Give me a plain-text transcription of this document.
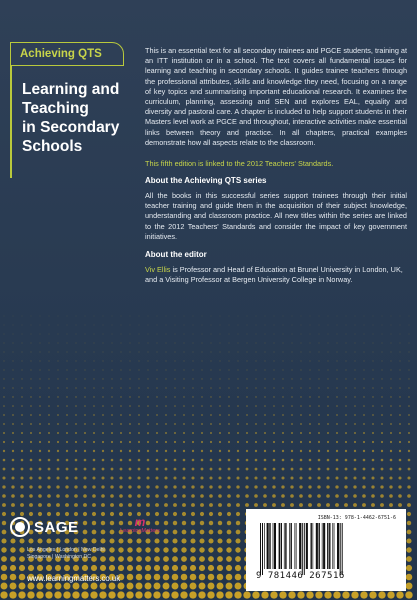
Achieving QTS
Learning and
Teaching
in Secondary
Schools

This is an essential text for all secondary trainees and PGCE students, training at an ITT institution or in a school. The text covers all fundamental issues for learning and teaching in secondary schools. It guides trainee teachers through the professional attributes, skills and knowledge they need, focusing on a range of key topics and summarising important educational research. It examines the curriculum, planning, assessing and SEN and explores EAL, equality and diversity and pastoral care. A chapter is included to help support students in their Masters level work at PGCE and throughout, interactive activities make essential links between theory and practice. In all chapters, practical examples demonstrate how all aspects relate to the classroom.

This fifth edition is linked to the 2012 Teachers' Standards.

About the Achieving QTS series

All the books in this successful series support trainees through their initial teacher training and guide them in the acquisition of their subject knowledge, understanding and classroom practice. All new titles within the series are linked to the 2012 Teachers' Standards and consider the impact of key government initiatives.

About the editor

Viv Ellis is Professor and Head of Education at Brunel University in London, UK, and a Visiting Professor at Bergen University College in Norway.

SAGE	m
LearningMatters
Los Angeles | London | New Delhi Singapore | Washington DC
www.learningmatters.co.uk
ISBN-13: 978-1-4462-6751-6
9 781446 267516
